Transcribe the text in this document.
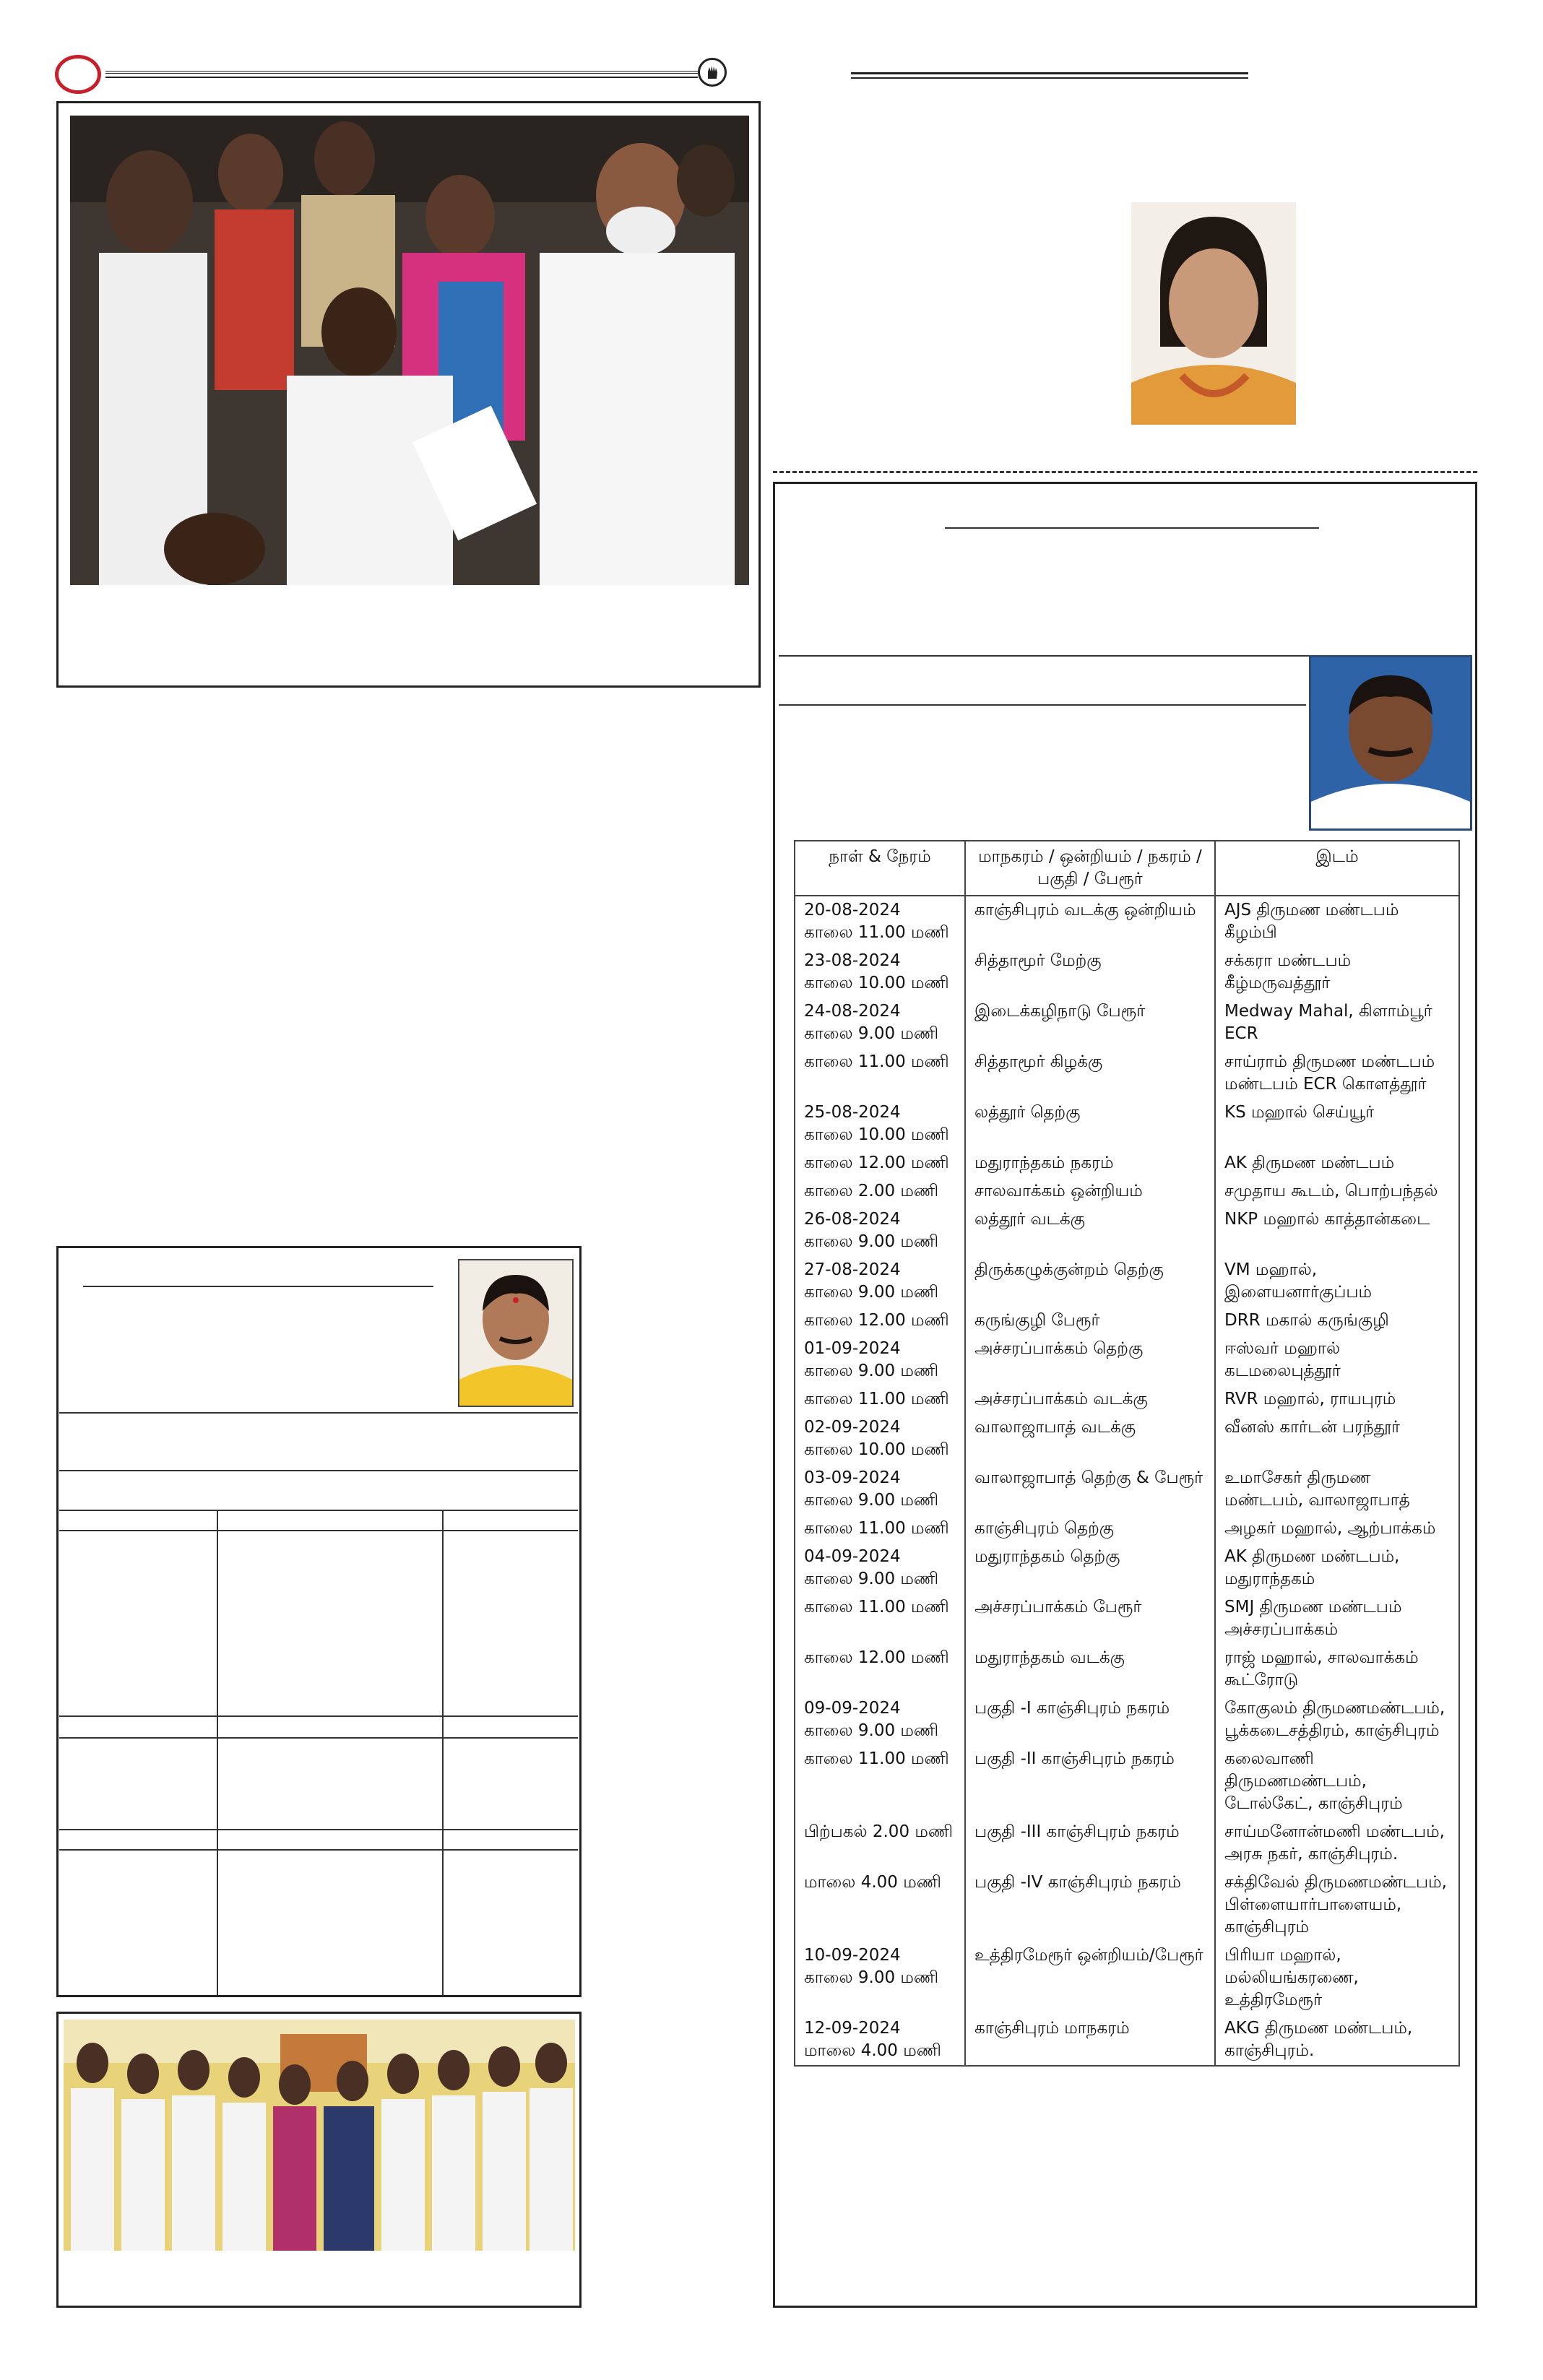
நாள் & நேரம்	மாநகரம் / ஒன்றியம் / நகரம் / பகுதி / பேரூர்	இடம்

20-08-2024
காலை 11.00 மணி	காஞ்சிபுரம் வடக்கு ஒன்றியம்	AJS திருமண மண்டபம் கீழம்பி

23-08-2024
காலை 10.00 மணி	சித்தாமூர் மேற்கு	சக்கரா மண்டபம் கீழ்மருவத்தூர்

24-08-2024
காலை 9.00 மணி	இடைக்கழிநாடு பேரூர்	Medway Mahal, கிளாம்பூர் ECR

காலை 11.00 மணி	சித்தாமூர் கிழக்கு	சாய்ராம் திருமண மண்டபம் மண்டபம் ECR கொளத்தூர்

25-08-2024
காலை 10.00 மணி	லத்தூர் தெற்கு	KS மஹால் செய்யூர்

காலை 12.00 மணி	மதுராந்தகம் நகரம்	AK திருமண மண்டபம்

காலை 2.00 மணி	சாலவாக்கம் ஒன்றியம்	சமுதாய கூடம், பொற்பந்தல்

26-08-2024
காலை 9.00 மணி	லத்தூர் வடக்கு	NKP மஹால் காத்தான்கடை

27-08-2024
காலை 9.00 மணி	திருக்கழுக்குன்றம் தெற்கு	VM மஹால், இளையனார்குப்பம்

காலை 12.00 மணி	கருங்குழி பேரூர்	DRR மகால் கருங்குழி

01-09-2024
காலை 9.00 மணி	அச்சரப்பாக்கம் தெற்கு	ஈஸ்வர் மஹால் கடமலைபுத்தூர்

காலை 11.00 மணி	அச்சரப்பாக்கம் வடக்கு	RVR மஹால், ராயபுரம்

02-09-2024
காலை 10.00 மணி	வாலாஜாபாத் வடக்கு	வீனஸ் கார்டன் பரந்தூர்

03-09-2024
காலை 9.00 மணி	வாலாஜாபாத் தெற்கு & பேரூர்	உமாசேகர் திருமண மண்டபம், வாலாஜாபாத்

காலை 11.00 மணி	காஞ்சிபுரம் தெற்கு	அழகர் மஹால், ஆற்பாக்கம்

04-09-2024
காலை 9.00 மணி	மதுராந்தகம் தெற்கு	AK திருமண மண்டபம், மதுராந்தகம்

காலை 11.00 மணி	அச்சரப்பாக்கம் பேரூர்	SMJ திருமண மண்டபம் அச்சரப்பாக்கம்

காலை 12.00 மணி	மதுராந்தகம் வடக்கு	ராஜ் மஹால், சாலவாக்கம் கூட்ரோடு

09-09-2024
காலை 9.00 மணி	பகுதி -I காஞ்சிபுரம் நகரம்	கோகுலம் திருமணமண்டபம், பூக்கடைசத்திரம், காஞ்சிபுரம்

காலை 11.00 மணி	பகுதி -II காஞ்சிபுரம் நகரம்	கலைவாணி திருமணமண்டபம், டோல்கேட், காஞ்சிபுரம்

பிற்பகல் 2.00 மணி	பகுதி -III காஞ்சிபுரம் நகரம்	சாய்மனோன்மணி மண்டபம், அரசு நகர், காஞ்சிபுரம்.

மாலை 4.00 மணி	பகுதி -IV காஞ்சிபுரம் நகரம்	சக்திவேல் திருமணமண்டபம், பிள்ளையார்பாளையம், காஞ்சிபுரம்

10-09-2024
காலை 9.00 மணி	உத்திரமேரூர் ஒன்றியம்/பேரூர்	பிரியா மஹால், மல்லியங்கரணை, உத்திரமேரூர்

12-09-2024
மாலை 4.00 மணி	காஞ்சிபுரம் மாநகரம்	AKG திருமண மண்டபம், காஞ்சிபுரம்.
